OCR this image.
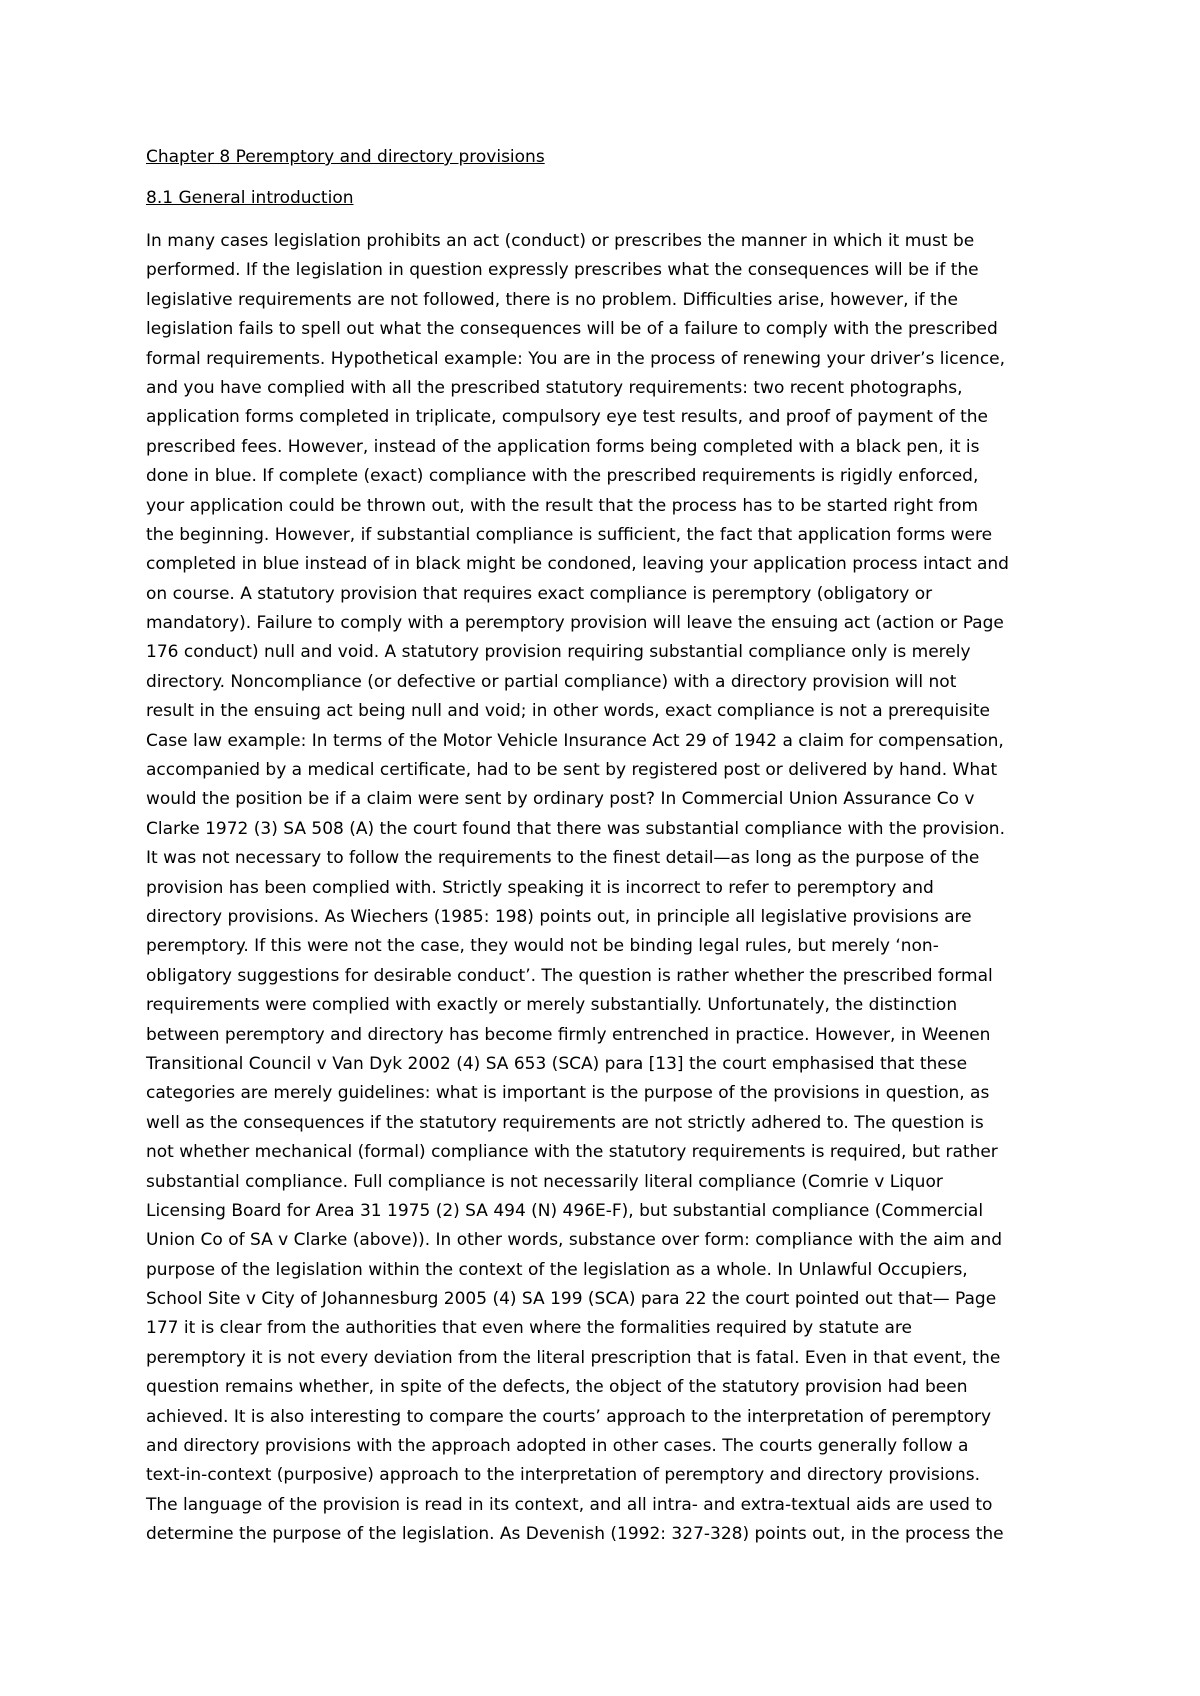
Chapter 8 Peremptory and directory provisions
8.1 General introduction
In many cases legislation prohibits an act (conduct) or prescribes the manner in which it must be
performed. If the legislation in question expressly prescribes what the consequences will be if the
legislative requirements are not followed, there is no problem. Difficulties arise, however, if the
legislation fails to spell out what the consequences will be of a failure to comply with the prescribed
formal requirements. Hypothetical example: You are in the process of renewing your driver’s licence,
and you have complied with all the prescribed statutory requirements: two recent photographs,
application forms completed in triplicate, compulsory eye test results, and proof of payment of the
prescribed fees. However, instead of the application forms being completed with a black pen, it is
done in blue. If complete (exact) compliance with the prescribed requirements is rigidly enforced,
your application could be thrown out, with the result that the process has to be started right from
the beginning. However, if substantial compliance is sufficient, the fact that application forms were
completed in blue instead of in black might be condoned, leaving your application process intact and
on course. A statutory provision that requires exact compliance is peremptory (obligatory or
mandatory). Failure to comply with a peremptory provision will leave the ensuing act (action or Page
176 conduct) null and void. A statutory provision requiring substantial compliance only is merely
directory. Noncompliance (or defective or partial compliance) with a directory provision will not
result in the ensuing act being null and void; in other words, exact compliance is not a prerequisite
Case law example: In terms of the Motor Vehicle Insurance Act 29 of 1942 a claim for compensation,
accompanied by a medical certificate, had to be sent by registered post or delivered by hand. What
would the position be if a claim were sent by ordinary post? In Commercial Union Assurance Co v
Clarke 1972 (3) SA 508 (A) the court found that there was substantial compliance with the provision.
It was not necessary to follow the requirements to the finest detail—as long as the purpose of the
provision has been complied with. Strictly speaking it is incorrect to refer to peremptory and
directory provisions. As Wiechers (1985: 198) points out, in principle all legislative provisions are
peremptory. If this were not the case, they would not be binding legal rules, but merely ‘non-
obligatory suggestions for desirable conduct’. The question is rather whether the prescribed formal
requirements were complied with exactly or merely substantially. Unfortunately, the distinction
between peremptory and directory has become firmly entrenched in practice. However, in Weenen
Transitional Council v Van Dyk 2002 (4) SA 653 (SCA) para [13] the court emphasised that these
categories are merely guidelines: what is important is the purpose of the provisions in question, as
well as the consequences if the statutory requirements are not strictly adhered to. The question is
not whether mechanical (formal) compliance with the statutory requirements is required, but rather
substantial compliance. Full compliance is not necessarily literal compliance (Comrie v Liquor
Licensing Board for Area 31 1975 (2) SA 494 (N) 496E-F), but substantial compliance (Commercial
Union Co of SA v Clarke (above)). In other words, substance over form: compliance with the aim and
purpose of the legislation within the context of the legislation as a whole. In Unlawful Occupiers,
School Site v City of Johannesburg 2005 (4) SA 199 (SCA) para 22 the court pointed out that— Page
177 it is clear from the authorities that even where the formalities required by statute are
peremptory it is not every deviation from the literal prescription that is fatal. Even in that event, the
question remains whether, in spite of the defects, the object of the statutory provision had been
achieved. It is also interesting to compare the courts’ approach to the interpretation of peremptory
and directory provisions with the approach adopted in other cases. The courts generally follow a
text-in-context (purposive) approach to the interpretation of peremptory and directory provisions.
The language of the provision is read in its context, and all intra- and extra-textual aids are used to
determine the purpose of the legislation. As Devenish (1992: 327-328) points out, in the process the
